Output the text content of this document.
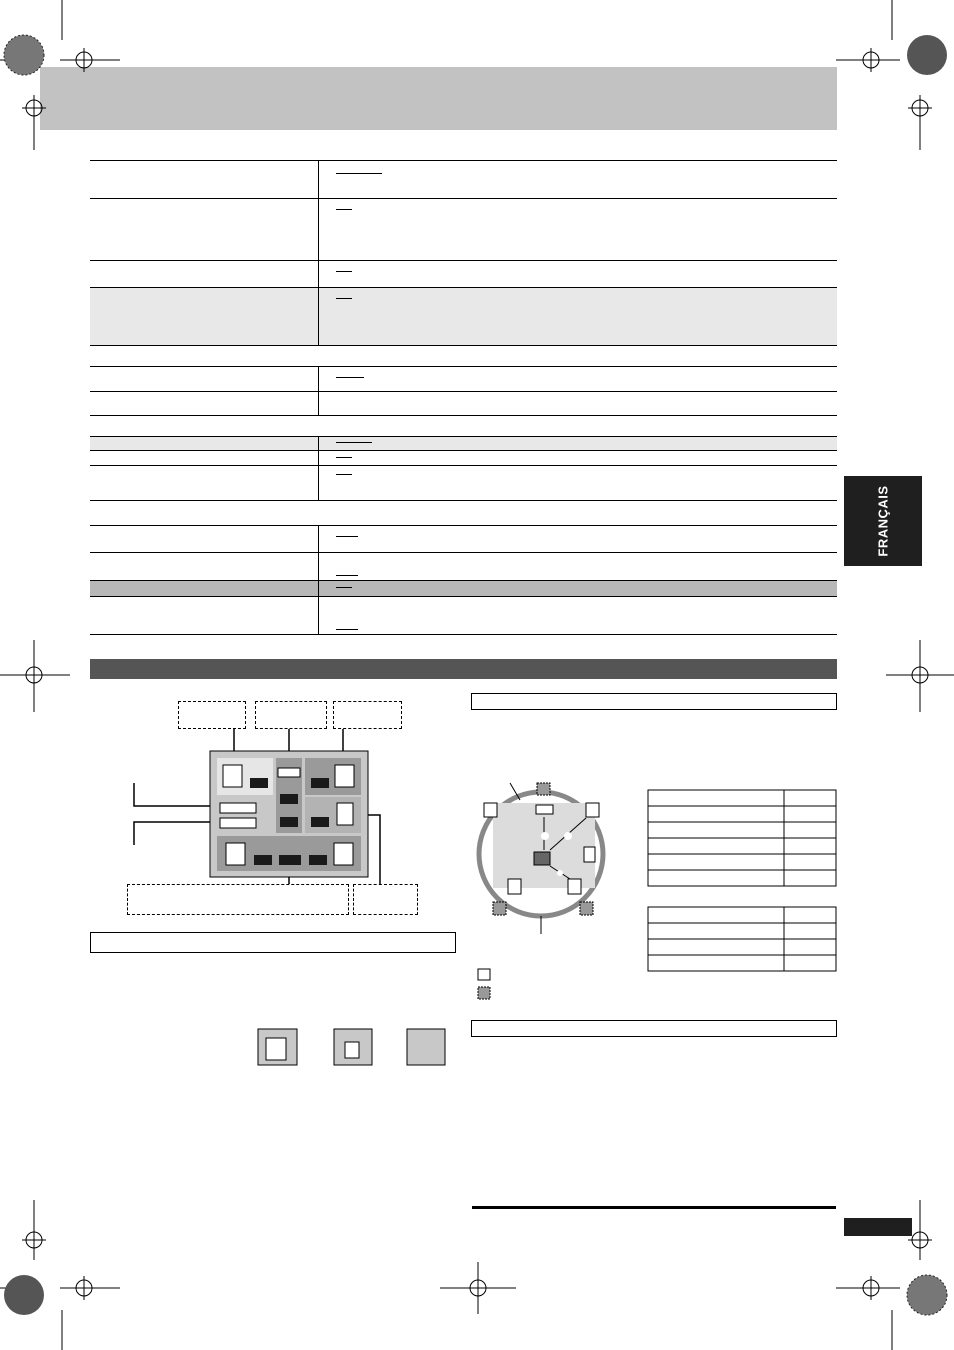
FRANÇAIS
